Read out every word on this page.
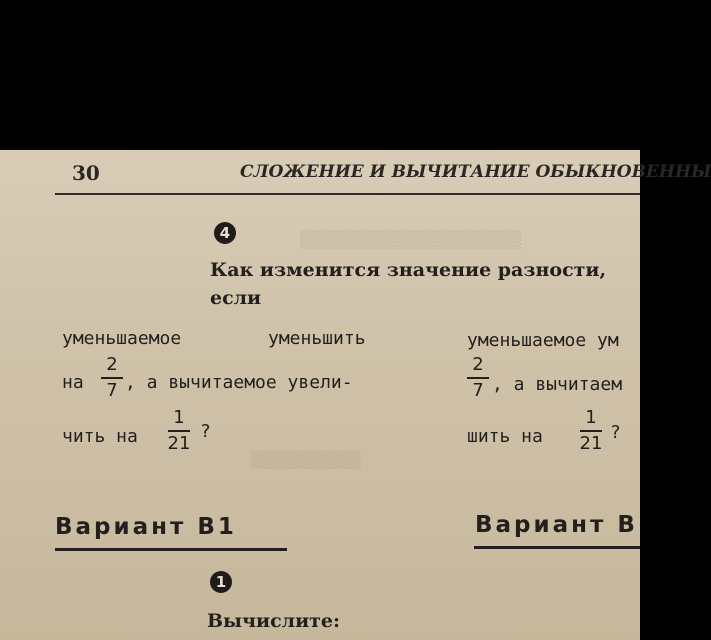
▒▒▒▒▒▒▒▒▒▒▒▒▒▒▒▒▒▒
▒▒▒▒▒▒▒▒▒
30	СЛОЖЕНИЕ И ВЫЧИТАНИЕ ОБЫКНОВЕННЫ
4
Как изменится значение разности,
если
уменьшаемое	уменьшить
на
2
7 , а вычитаемое увели-
чить на
1
21
?
уменьшаемое ум
2
7 , а вычитаем
шить на
1
21 ?
Вариант В1	Вариант В
1
Вычислите:
